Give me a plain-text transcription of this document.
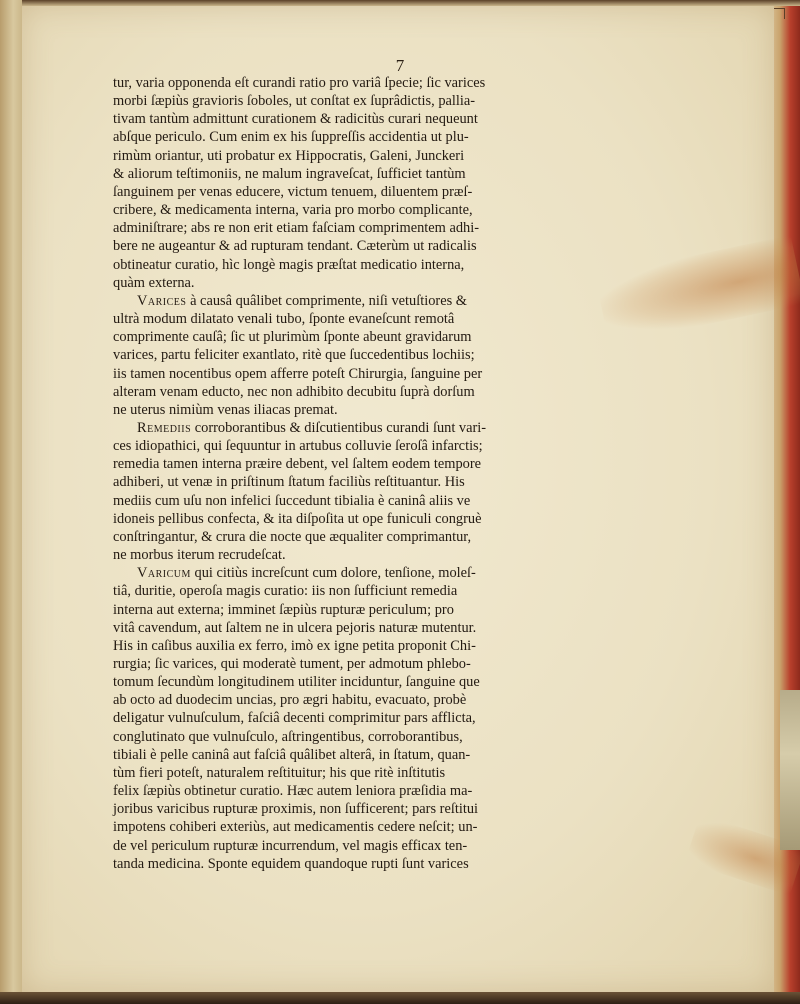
7
tur, varia opponenda eſt curandi ratio pro variâ ſpecie; ſic varices
morbi ſæpiùs gravioris ſoboles, ut conſtat ex ſuprâdictis, pallia-
tivam tantùm admittunt curationem & radicitùs curari nequeunt
abſque periculo. Cum enim ex his ſuppreſſis accidentia ut plu-
rimùm oriantur, uti probatur ex Hippocratis, Galeni, Junckeri
& aliorum teſtimoniis, ne malum ingraveſcat, ſufficiet tantùm
ſanguinem per venas educere, victum tenuem, diluentem præſ-
cribere, & medicamenta interna, varia pro morbo complicante,
adminiſtrare; abs re non erit etiam faſciam comprimentem adhi-
bere ne augeantur & ad rupturam tendant. Cæterùm ut radicalis
obtineatur curatio, hìc longè magis præſtat medicatio interna,
quàm externa.
Varices à causâ quâlibet comprimente, niſi vetuſtiores &
ultrà modum dilatato venali tubo, ſponte evaneſcunt remotâ
comprimente cauſâ; ſic ut plurimùm ſponte abeunt gravidarum
varices, partu feliciter exantlato, ritè que ſuccedentibus lochiis;
iis tamen nocentibus opem afferre poteſt Chirurgia, ſanguine per
alteram venam educto, nec non adhibito decubitu ſuprà dorſum
ne uterus nimiùm venas iliacas premat.
Remediis corroborantibus & diſcutientibus curandi ſunt vari-
ces idiopathici, qui ſequuntur in artubus colluvie ſeroſâ infarctis;
remedia tamen interna præire debent, vel ſaltem eodem tempore
adhiberi, ut venæ in priſtinum ſtatum faciliùs reſtituantur. His
mediis cum uſu non infelici ſuccedunt tibialia è caninâ aliis ve
idoneis pellibus confecta, & ita diſpoſita ut ope funiculi congruè
conſtringantur, & crura die nocte que æqualiter comprimantur,
ne morbus iterum recrudeſcat.
Varicum qui citiùs increſcunt cum dolore, tenſione, moleſ-
tiâ, duritie, operoſa magis curatio: iis non ſufficiunt remedia
interna aut externa; imminet ſæpiùs rupturæ periculum; pro
vitâ cavendum, aut ſaltem ne in ulcera pejoris naturæ mutentur.
His in caſibus auxilia ex ferro, imò ex igne petita proponit Chi-
rurgia; ſic varices, qui moderatè tument, per admotum phlebo-
tomum ſecundùm longitudinem utiliter inciduntur, ſanguine que
ab octo ad duodecim uncias, pro ægri habitu, evacuato, probè
deligatur vulnuſculum, faſciâ decenti comprimitur pars afflicta,
conglutinato que vulnuſculo, aſtringentibus, corroborantibus,
tibiali è pelle caninâ aut faſciâ quâlibet alterâ, in ſtatum, quan-
tùm fieri poteſt, naturalem reſtituitur; his que ritè inſtitutis
felix ſæpiùs obtinetur curatio. Hæc autem leniora præſidia ma-
joribus varicibus rupturæ proximis, non ſufficerent; pars reſtitui
impotens cohiberi exteriùs, aut medicamentis cedere neſcit; un-
de vel periculum rupturæ incurrendum, vel magis efficax ten-
tanda medicina. Sponte equidem quandoque rupti ſunt varices
